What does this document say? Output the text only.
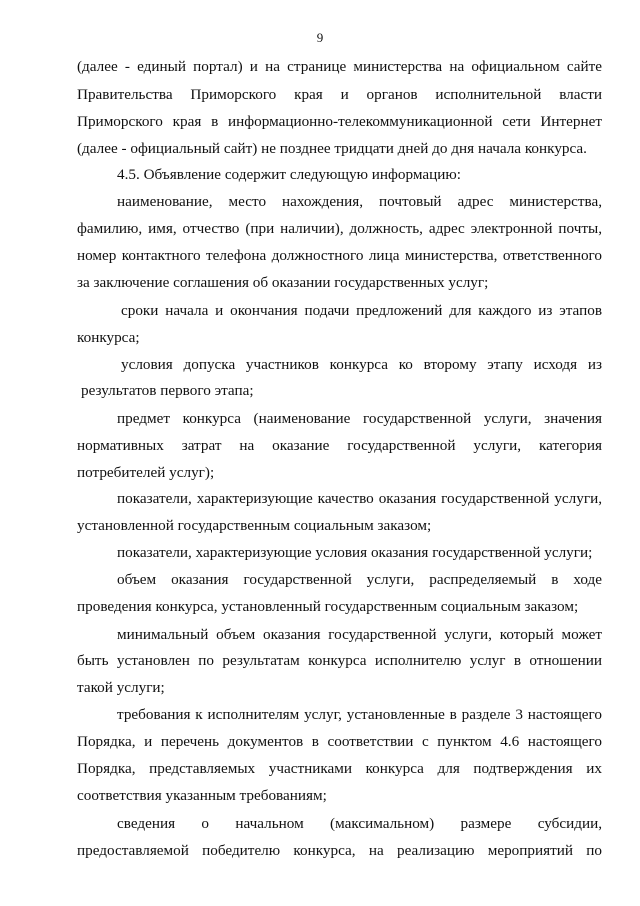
9
(далее - единый портал) и на странице министерства на официальном сайте
Правительства Приморского края и органов исполнительной власти
Приморского края в информационно-телекоммуникационной сети Интернет
(далее - официальный сайт) не позднее тридцати дней до дня начала конкурса.
4.5. Объявление содержит следующую информацию:
наименование, место нахождения, почтовый адрес министерства,
фамилию, имя, отчество (при наличии), должность, адрес электронной почты,
номер контактного телефона должностного лица министерства, ответственного
за заключение соглашения об оказании государственных услуг;
сроки начала и окончания подачи предложений для каждого из этапов
конкурса;
условия допуска участников конкурса ко второму этапу исходя из
результатов первого этапа;
предмет конкурса (наименование государственной услуги, значения
нормативных затрат на оказание государственной услуги, категория
потребителей услуг);
показатели, характеризующие качество оказания государственной услуги,
установленной государственным социальным заказом;
показатели, характеризующие условия оказания государственной услуги;
объем оказания государственной услуги, распределяемый в ходе
проведения конкурса, установленный государственным социальным заказом;
минимальный объем оказания государственной услуги, который может
быть установлен по результатам конкурса исполнителю услуг в отношении
такой услуги;
требования к исполнителям услуг, установленные в разделе 3 настоящего
Порядка, и перечень документов в соответствии с пунктом 4.6 настоящего
Порядка, представляемых участниками конкурса для подтверждения их
соответствия указанным требованиям;
сведения о начальном (максимальном) размере субсидии,
предоставляемой победителю конкурса, на реализацию мероприятий по
